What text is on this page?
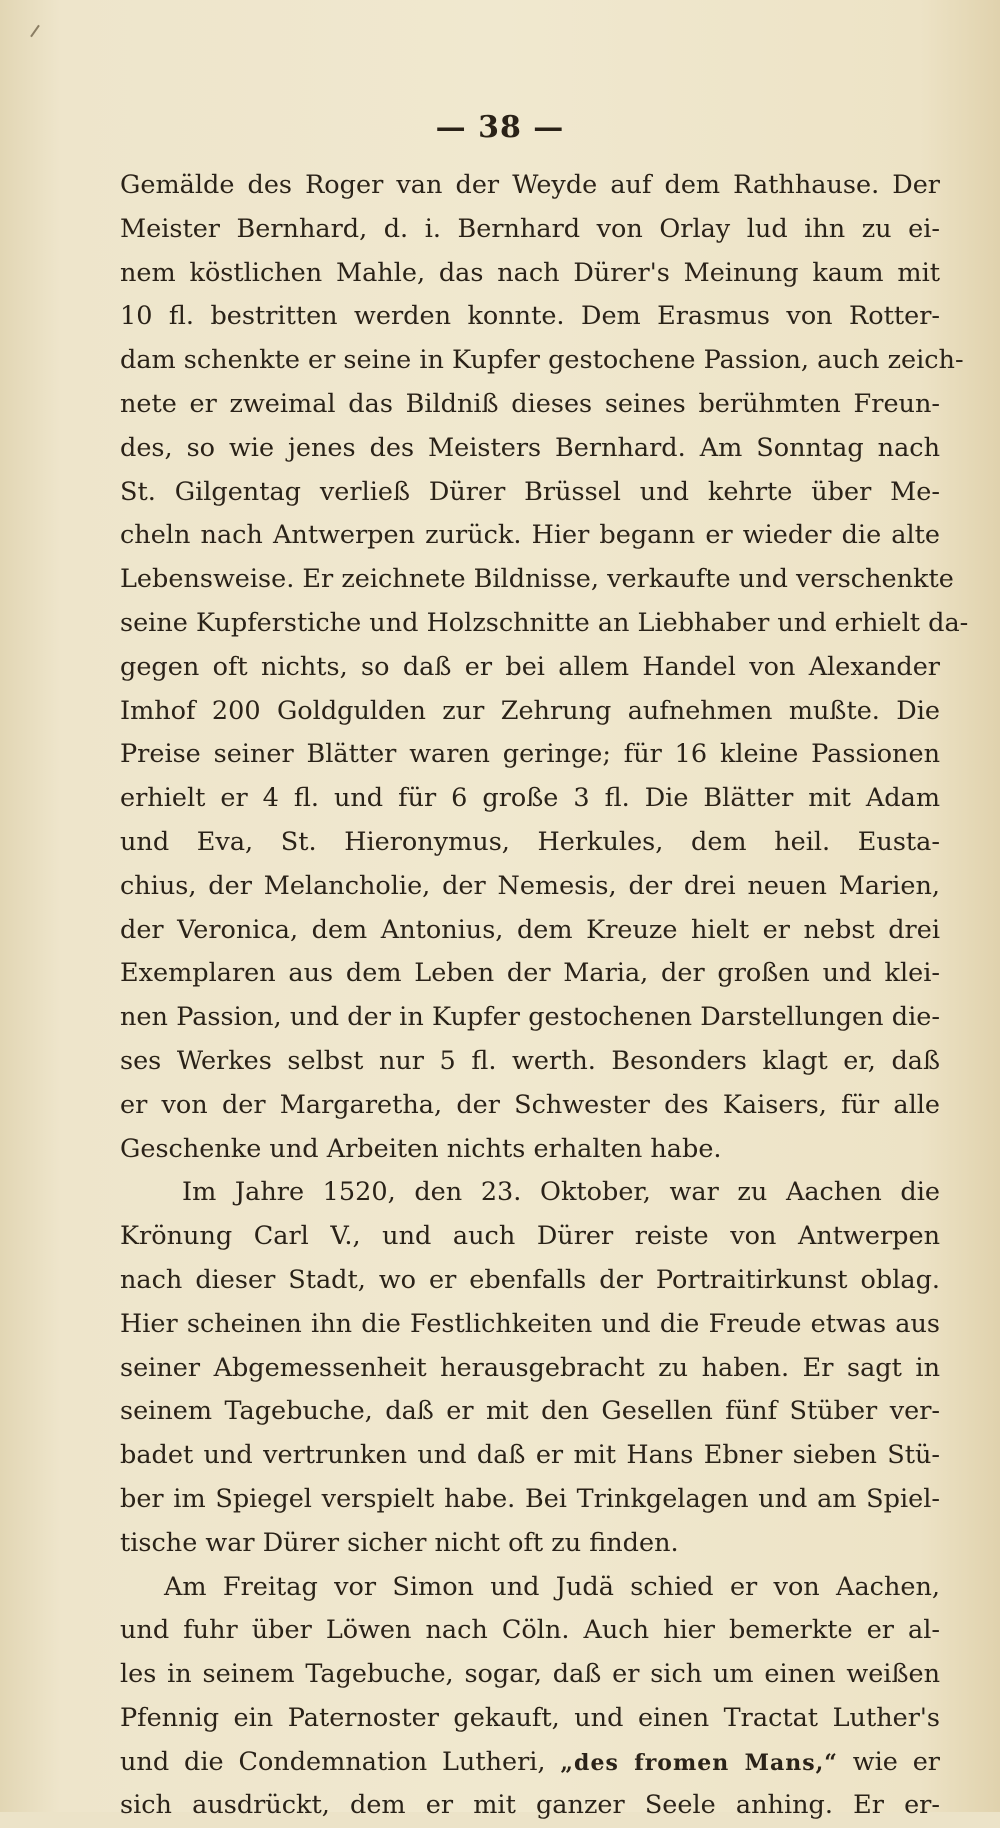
— 38 —
Gemälde des Roger van der Weyde auf dem Rathhause. Der
Meister Bernhard, d. i. Bernhard von Orlay lud ihn zu ei-
nem köstlichen Mahle, das nach Dürer's Meinung kaum mit
10 fl. bestritten werden konnte. Dem Erasmus von Rotter-
dam schenkte er seine in Kupfer gestochene Passion, auch zeich-
nete er zweimal das Bildniß dieses seines berühmten Freun-
des, so wie jenes des Meisters Bernhard. Am Sonntag nach
St. Gilgentag verließ Dürer Brüssel und kehrte über Me-
cheln nach Antwerpen zurück. Hier begann er wieder die alte
Lebensweise. Er zeichnete Bildnisse, verkaufte und verschenkte
seine Kupferstiche und Holzschnitte an Liebhaber und erhielt da-
gegen oft nichts, so daß er bei allem Handel von Alexander
Imhof 200 Goldgulden zur Zehrung aufnehmen mußte. Die
Preise seiner Blätter waren geringe; für 16 kleine Passionen
erhielt er 4 fl. und für 6 große 3 fl. Die Blätter mit Adam
und Eva, St. Hieronymus, Herkules, dem heil. Eusta-
chius, der Melancholie, der Nemesis, der drei neuen Marien,
der Veronica, dem Antonius, dem Kreuze hielt er nebst drei
Exemplaren aus dem Leben der Maria, der großen und klei-
nen Passion, und der in Kupfer gestochenen Darstellungen die-
ses Werkes selbst nur 5 fl. werth. Besonders klagt er, daß
er von der Margaretha, der Schwester des Kaisers, für alle
Geschenke und Arbeiten nichts erhalten habe.
Im Jahre 1520, den 23. Oktober, war zu Aachen die
Krönung Carl V., und auch Dürer reiste von Antwerpen
nach dieser Stadt, wo er ebenfalls der Portraitirkunst oblag.
Hier scheinen ihn die Festlichkeiten und die Freude etwas aus
seiner Abgemessenheit herausgebracht zu haben. Er sagt in
seinem Tagebuche, daß er mit den Gesellen fünf Stüber ver-
badet und vertrunken und daß er mit Hans Ebner sieben Stü-
ber im Spiegel verspielt habe. Bei Trinkgelagen und am Spiel-
tische war Dürer sicher nicht oft zu finden.
Am Freitag vor Simon und Judä schied er von Aachen,
und fuhr über Löwen nach Cöln. Auch hier bemerkte er al-
les in seinem Tagebuche, sogar, daß er sich um einen weißen
Pfennig ein Paternoster gekauft, und einen Tractat Luther's
und die Condemnation Lutheri, „des fromen Mans,“ wie er
sich ausdrückt, dem er mit ganzer Seele anhing. Er er-
